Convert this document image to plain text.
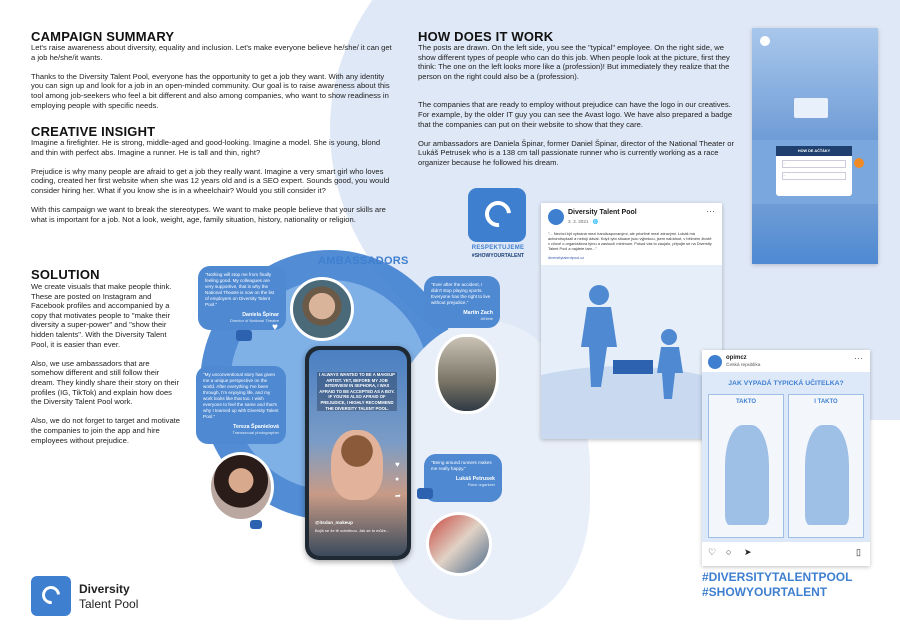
CAMPAIGN SUMMARY
Let's raise awareness about diversity, equality and inclusion. Let's make everyone believe he/she/ it can get a job he/she/it wants.
Thanks to the Diversity Talent Pool, everyone has the opportunity to get a job they want. With any identity you can sign up and look for a job in an open-minded community. Our goal is to raise awareness about this tool among job-seekers who feel a bit different and also among companies, who want to show readiness in employing people with specific needs.
CREATIVE INSIGHT
Imagine a firefighter. He is strong, middle-aged and good-looking. Imagine a model. She is young, blond and thin with perfect abs. Imagine a runner. He is tall and thin, right?
Prejudice is why many people are afraid to get a job they really want. Imagine a very smart girl who loves coding, created her first website when she was 12 years old and is a SEO expert. Sounds good, you would consider hiring her. What if you know she is in a wheelchair? Would you still consider it?
With this campaign we want to break the stereotypes. We want to make people believe that your skills are what is important for a job. Not a look, weight, age, family situation, history, nationality or religion.
SOLUTION
We create visuals that make people think. These are posted on Instagram and Facebook profiles and accompanied by a copy that motivates people to "make their diversity a super-power" and "show their hidden talents". With the Diversity Talent Pool, it is easier than ever.
Also, we use ambassadors that are somehow different and still follow their dream. They kindly share their story on their profiles (IG, TikTok) and explain how does the Diversity Talent Pool work.
Also, we do not forget to target and motivate the companies to join the app and hire employees without prejudice.
HOW DOES IT WORK
The posts are drawn. On the left side, you see the "typical" employee. On the right side, we show different types of people who can do this job. When people look at the picture, first they think: The one on the left looks more like a (profession)! But immediately they realize that the person on the right could also be a (profession).
The companies that are ready to employ without prejudice can have the logo in our creatives. For example, by the older IT guy you can see the Avast logo. We have also prepared a badge that the companies can put on their website to show that they care.
Our ambassadors are Daniela Špinar, former Daniel Špinar, director of the National Theater or Lukáš Petrusek who is a 138 cm tall passionate runner who is currently working as a race organizer because he followed his dream.
AMBASSADORS
"Nothing will stop me from finally feeling good. My colleagues are very supportive, that is why the National Theatre is now on the list of employers on Diversity Talent Pool."
Daniela Špinar
Director of National Theatre
"Ever after the accident, I didn't stop playing sports. Everyone has the right to live without prejudice."
Martin Zach
Athlete
"My unconventional story has given me a unique perspective on the world. After everything I've been through, I'm enjoying life, and my work looks like that too. I wish everyone to feel the same and that's why I teamed up with Diversity Talent Pool."
Tereza Španielová
Transsexual photographer
"Being around runners makes me really happy."
Lukáš Petrusek
Race organizer
♥
I ALWAYS WANTED TO BE A MAKEUP ARTIST. YET, BEFORE MY JOB INTERVIEW IN SEPHORA, I WAS AFRAID TO BE ACCEPTED AS A BOY. IF YOU'RE ALSO AFRAID OF PREJUDICE, I HIGHLY RECOMMEND THE DIVERSITY TALENT POOL.
@itsdan_makeup
Bojíš se že tě odmítnou. Jak se to může...
♥
●
➦
RESPEKTUJEME
#SHOWYOURTALENT
Diversity Talent Pool
3. 3. 2021 · 🌐
···
"... Nechci být vybraná mezi handicapovanými, ale prioritně mezi zdravými. Lukáš má achondroplazii a nebojí dávat. Když tyto situace jsou výjimkou, jsem nabídnut, v běžném životě v cílové o organizátora týmu a zaslouží minimum. Pokud vás to zaujalo, připojte se na Diversity Talent Pool a najdete tam..."
diversitytalentpool.cz
opimcz
Česká republika
···
JAK VYPADÁ TYPICKÁ UČITELKA?
TAKTO	I TAKTO
♡ ○ ➤	▯
HOW DE AČŤÁKY
...
...
#DIVERSITYTALENTPOOL
#SHOWYOURTALENT
Diversity
Talent Pool
